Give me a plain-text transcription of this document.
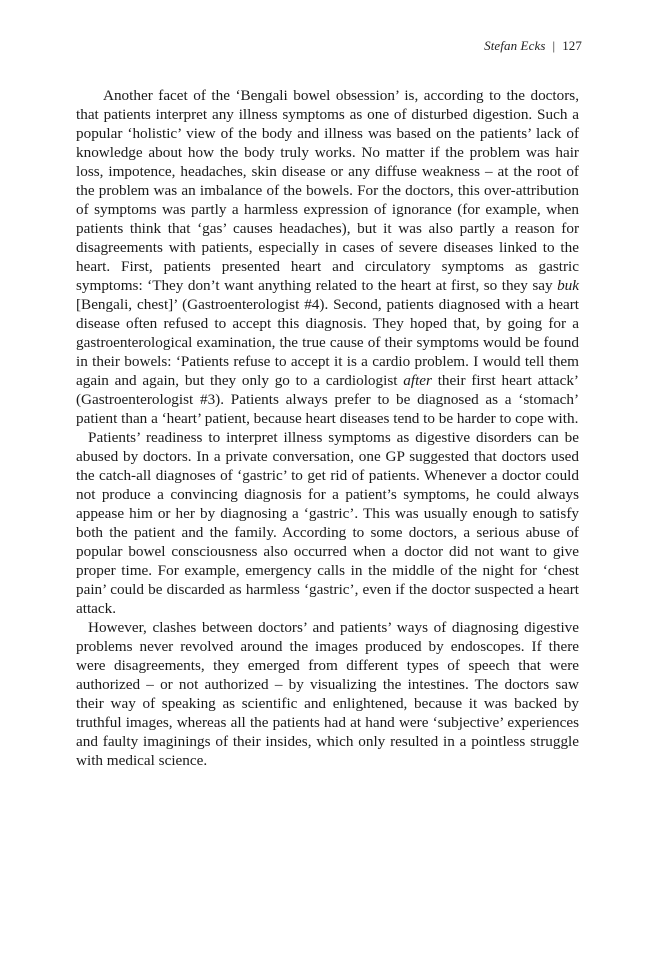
Stefan Ecks | 127

Another facet of the ‘Bengali bowel obsession’ is, according to the doctors, that patients interpret any illness symptoms as one of disturbed digestion. Such a popular ‘holistic’ view of the body and illness was based on the patients’ lack of knowledge about how the body truly works. No matter if the problem was hair loss, impotence, headaches, skin disease or any diffuse weakness – at the root of the problem was an imbalance of the bowels. For the doctors, this over-attribution of symptoms was partly a harmless expression of ignorance (for example, when patients think that ‘gas’ causes headaches), but it was also partly a reason for disagreements with patients, especially in cases of severe diseases linked to the heart. First, patients presented heart and circulatory symptoms as gastric symptoms: ‘They don’t want anything related to the heart at first, so they say buk [Bengali, chest]’ (Gastroenterologist #4). Second, patients diagnosed with a heart disease often refused to accept this diagnosis. They hoped that, by going for a gastroenterological examination, the true cause of their symptoms would be found in their bowels: ‘Patients refuse to accept it is a cardio problem. I would tell them again and again, but they only go to a cardiologist after their first heart attack’ (Gastroenterologist #3). Patients always prefer to be diagnosed as a ‘stomach’ patient than a ‘heart’ patient, because heart diseases tend to be harder to cope with.

Patients’ readiness to interpret illness symptoms as digestive disorders can be abused by doctors. In a private conversation, one GP suggested that doctors used the catch-all diagnoses of ‘gastric’ to get rid of patients. Whenever a doctor could not produce a convincing diagnosis for a patient’s symptoms, he could always appease him or her by diagnosing a ‘gastric’. This was usually enough to satisfy both the patient and the family. According to some doctors, a serious abuse of popular bowel consciousness also occurred when a doctor did not want to give proper time. For example, emergency calls in the middle of the night for ‘chest pain’ could be discarded as harmless ‘gastric’, even if the doctor suspected a heart attack.

However, clashes between doctors’ and patients’ ways of diagnosing digestive problems never revolved around the images produced by endoscopes. If there were disagreements, they emerged from different types of speech that were authorized – or not authorized – by visualizing the intestines. The doctors saw their way of speaking as scientific and enlightened, because it was backed by truthful images, whereas all the patients had at hand were ‘subjective’ experiences and faulty imaginings of their insides, which only resulted in a pointless struggle with medical science.
